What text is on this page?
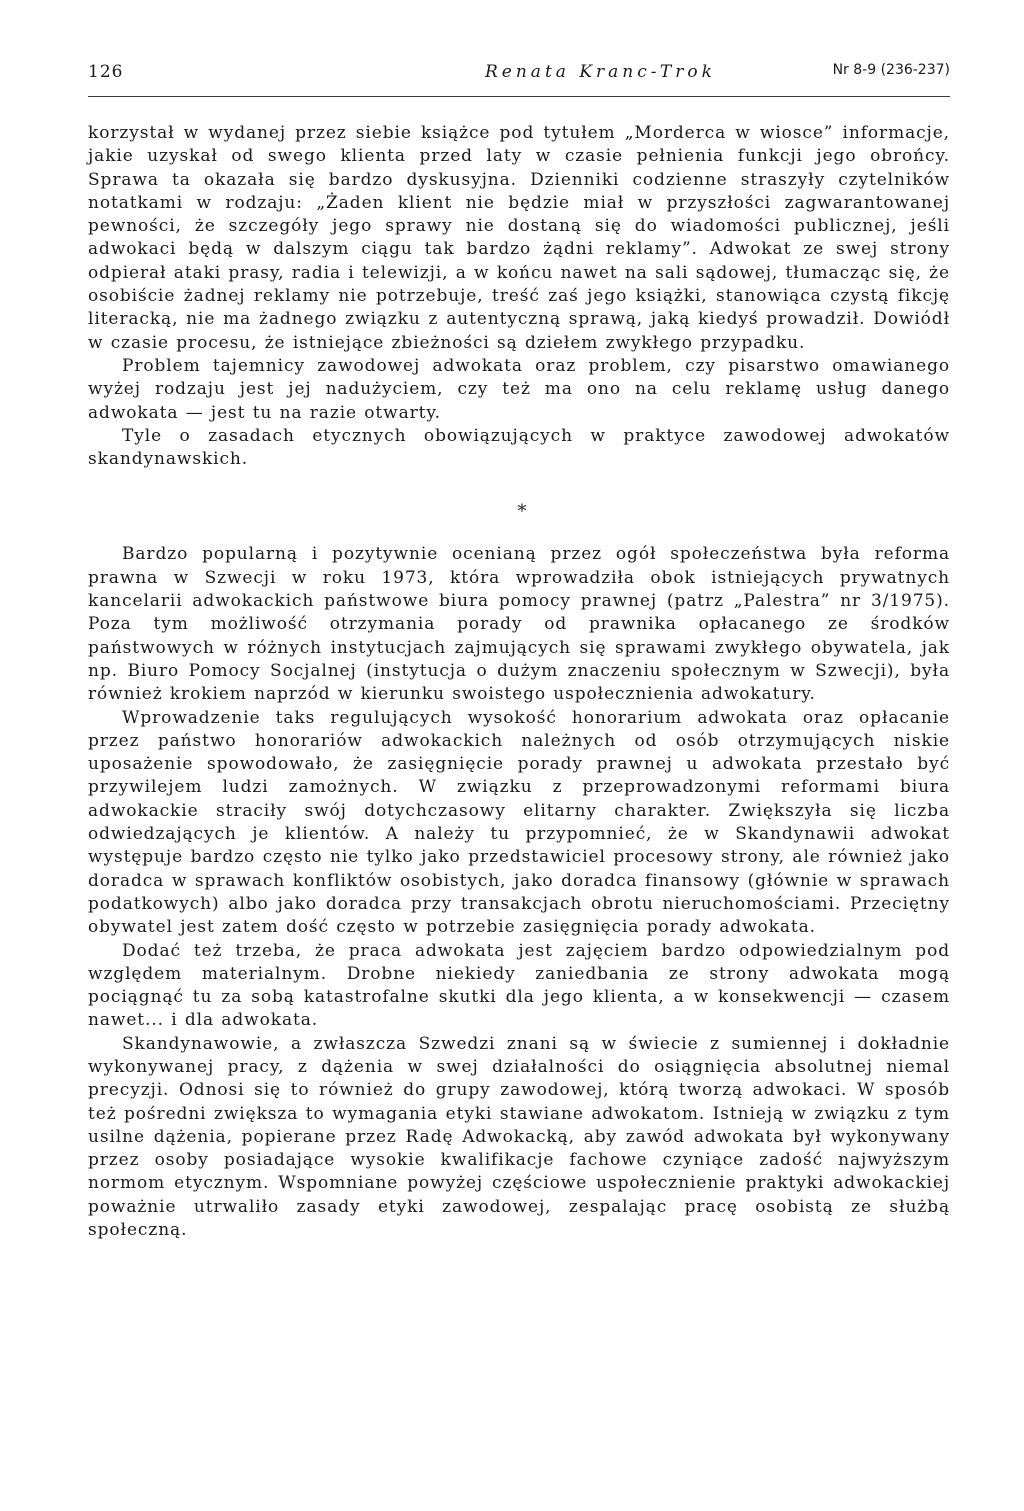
126	Renata Kranc-Trok	Nr 8-9 (236-237)

korzystał w wydanej przez siebie książce pod tytułem „Morderca w wiosce” informacje, jakie uzyskał od swego klienta przed laty w czasie pełnienia funkcji jego obrońcy. Sprawa ta okazała się bardzo dyskusyjna. Dzienniki codzienne straszyły czytelników notatkami w rodzaju: „Żaden klient nie będzie miał w przyszłości zagwarantowanej pewności, że szczegóły jego sprawy nie dostaną się do wiadomości publicznej, jeśli adwokaci będą w dalszym ciągu tak bardzo żądni reklamy”. Adwokat ze swej strony odpierał ataki prasy, radia i telewizji, a w końcu nawet na sali sądowej, tłumacząc się, że osobiście żadnej reklamy nie potrzebuje, treść zaś jego książki, stanowiąca czystą fikcję literacką, nie ma żadnego związku z autentyczną sprawą, jaką kiedyś prowadził. Dowiódł w czasie procesu, że istniejące zbieżności są dziełem zwykłego przypadku.

Problem tajemnicy zawodowej adwokata oraz problem, czy pisarstwo omawianego wyżej rodzaju jest jej nadużyciem, czy też ma ono na celu reklamę usług danego adwokata — jest tu na razie otwarty.

Tyle o zasadach etycznych obowiązujących w praktyce zawodowej adwokatów skandynawskich.

*

Bardzo popularną i pozytywnie ocenianą przez ogół społeczeństwa była reforma prawna w Szwecji w roku 1973, która wprowadziła obok istniejących prywatnych kancelarii adwokackich państwowe biura pomocy prawnej (patrz „Palestra” nr 3/1975). Poza tym możliwość otrzymania porady od prawnika opłacanego ze środków państwowych w różnych instytucjach zajmujących się sprawami zwykłego obywatela, jak np. Biuro Pomocy Socjalnej (instytucja o dużym znaczeniu społecznym w Szwecji), była również krokiem naprzód w kierunku swoistego uspołecznienia adwokatury.

Wprowadzenie taks regulujących wysokość honorarium adwokata oraz opłacanie przez państwo honorariów adwokackich należnych od osób otrzymujących niskie uposażenie spowodowało, że zasięgnięcie porady prawnej u adwokata przestało być przywilejem ludzi zamożnych. W związku z przeprowadzonymi reformami biura adwokackie straciły swój dotychczasowy elitarny charakter. Zwiększyła się liczba odwiedzających je klientów. A należy tu przypomnieć, że w Skandynawii adwokat występuje bardzo często nie tylko jako przedstawiciel procesowy strony, ale również jako doradca w sprawach konfliktów osobistych, jako doradca finansowy (głównie w sprawach podatkowych) albo jako doradca przy transakcjach obrotu nieruchomościami. Przeciętny obywatel jest zatem dość często w potrzebie zasięgnięcia porady adwokata.

Dodać też trzeba, że praca adwokata jest zajęciem bardzo odpowiedzialnym pod względem materialnym. Drobne niekiedy zaniedbania ze strony adwokata mogą pociągnąć tu za sobą katastrofalne skutki dla jego klienta, a w konsekwencji — czasem nawet... i dla adwokata.

Skandynawowie, a zwłaszcza Szwedzi znani są w świecie z sumiennej i dokładnie wykonywanej pracy, z dążenia w swej działalności do osiągnięcia absolutnej niemal precyzji. Odnosi się to również do grupy zawodowej, którą tworzą adwokaci. W sposób też pośredni zwiększa to wymagania etyki stawiane adwokatom. Istnieją w związku z tym usilne dążenia, popierane przez Radę Adwokacką, aby zawód adwokata był wykonywany przez osoby posiadające wysokie kwalifikacje fachowe czyniące zadość najwyższym normom etycznym. Wspomniane powyżej częściowe uspołecznienie praktyki adwokackiej poważnie utrwaliło zasady etyki zawodowej, zespalając pracę osobistą ze służbą społeczną.
